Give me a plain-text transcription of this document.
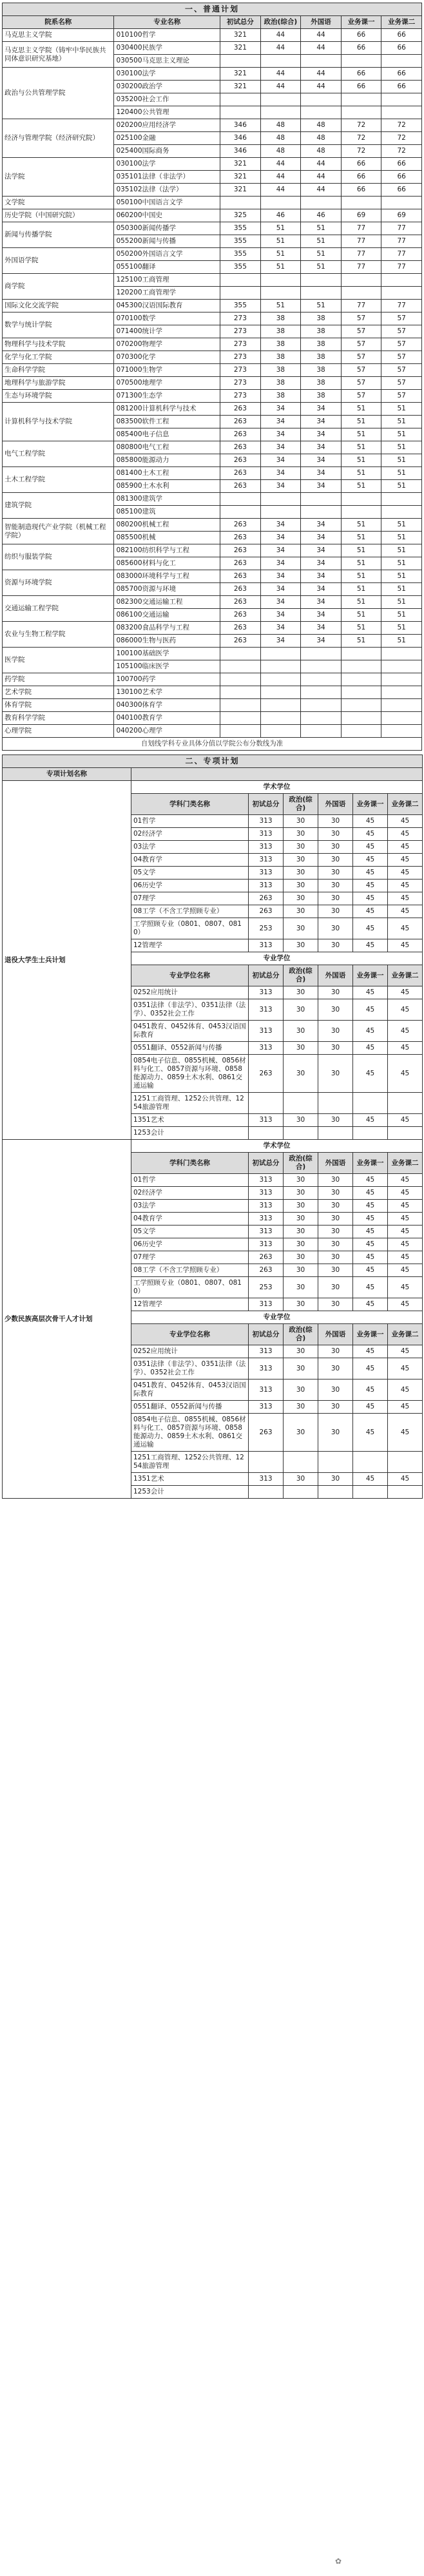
一、普通计划						
院系名称	专业名称	初试总分	政治(综合)	外国语	业务课一	业务课二
马克思主义学院	010100哲学	321	44	44	66	66
马克思主义学院（铸牢中华民族共同体意识研究基地）	030400民族学	321	44	44	66	66
	030500马克思主义理论					
政治与公共管理学院	030100法学	321	44	44	66	66
	030200政治学	321	44	44	66	66
	035200社会工作					
	120400公共管理					
经济与管理学院（经济研究院）	020200应用经济学	346	48	48	72	72
	025100金融	346	48	48	72	72
	025400国际商务	346	48	48	72	72
法学院	030100法学	321	44	44	66	66
	035101法律（非法学）	321	44	44	66	66
	035102法律（法学）	321	44	44	66	66
文学院	050100中国语言文学					
历史学院（中国研究院）	060200中国史	325	46	46	69	69
新闻与传播学院	050300新闻传播学	355	51	51	77	77
	055200新闻与传播	355	51	51	77	77
外国语学院	050200外国语言文学	355	51	51	77	77
	055100翻译	355	51	51	77	77
商学院	125100工商管理					
	120200工商管理学					
国际文化交流学院	045300汉语国际教育	355	51	51	77	77
数学与统计学院	070100数学	273	38	38	57	57
	071400统计学	273	38	38	57	57
物理科学与技术学院	070200物理学	273	38	38	57	57
化学与化工学院	070300化学	273	38	38	57	57
生命科学学院	071000生物学	273	38	38	57	57
地理科学与旅游学院	070500地理学	273	38	38	57	57
生态与环境学院	071300生态学	273	38	38	57	57
计算机科学与技术学院	081200计算机科学与技术	263	34	34	51	51
	083500软件工程	263	34	34	51	51
	085400电子信息	263	34	34	51	51
电气工程学院	080800电气工程	263	34	34	51	51
	085800能源动力	263	34	34	51	51
土木工程学院	081400土木工程	263	34	34	51	51
	085900土木水利	263	34	34	51	51
建筑学院	081300建筑学					
	085100建筑					
智能制造现代产业学院（机械工程学院）	080200机械工程	263	34	34	51	51
	085500机械	263	34	34	51	51
纺织与服装学院	082100纺织科学与工程	263	34	34	51	51
	085600材料与化工	263	34	34	51	51
资源与环境学院	083000环境科学与工程	263	34	34	51	51
	085700资源与环境	263	34	34	51	51
交通运输工程学院	082300交通运输工程	263	34	34	51	51
	086100交通运输	263	34	34	51	51
农业与生物工程学院	083200食品科学与工程	263	34	34	51	51
	086000生物与医药	263	34	34	51	51
医学院	100100基础医学					
	105100临床医学					
药学院	100700药学					
艺术学院	130100艺术学					
体育学院	040300体育学					
教育科学学院	040100教育学					
心理学院	040200心理学					
自划线学科专业具体分值以学院公布分数线为准						
二、专项计划						
专项计划名称						
退役大学生士兵计划	学术学位					
	学科门类名称	初试总分	政治(综合)	外国语	业务课一	业务课二
	01哲学	313	30	30	45	45
	02经济学	313	30	30	45	45
	03法学	313	30	30	45	45
	04教育学	313	30	30	45	45
	05文学	313	30	30	45	45
	06历史学	313	30	30	45	45
	07理学	263	30	30	45	45
	08工学（不含工学照顾专业）	263	30	30	45	45
	工学照顾专业（0801、0807、0810）	253	30	30	45	45
	12管理学	313	30	30	45	45
	专业学位					
	专业学位名称	初试总分	政治(综合)	外国语	业务课一	业务课二
	0252应用统计	313	30	30	45	45
	0351法律（非法学）、0351法律（法学）、0352社会工作	313	30	30	45	45
	0451教育、0452体育、0453汉语国际教育	313	30	30	45	45
	0551翻译、0552新闻与传播	313	30	30	45	45
	0854电子信息、0855机械、0856材料与化工、0857资源与环境、0858能源动力、0859土木水利、0861交通运输	263	30	30	45	45
	1251工商管理、1252公共管理、1254旅游管理					
	1351艺术	313	30	30	45	45
	1253会计					
少数民族高层次骨干人才计划	学术学位					
	学科门类名称	初试总分	政治(综合)	外国语	业务课一	业务课二
	01哲学	313	30	30	45	45
	02经济学	313	30	30	45	45
	03法学	313	30	30	45	45
	04教育学	313	30	30	45	45
	05文学	313	30	30	45	45
	06历史学	313	30	30	45	45
	07理学	263	30	30	45	45
	08工学（不含工学照顾专业）	263	30	30	45	45
	工学照顾专业（0801、0807、0810）	253	30	30	45	45
	12管理学	313	30	30	45	45
	专业学位					
	专业学位名称	初试总分	政治(综合)	外国语	业务课一	业务课二
	0252应用统计	313	30	30	45	45
	0351法律（非法学）、0351法律（法学）、0352社会工作	313	30	30	45	45
	0451教育、0452体育、0453汉语国际教育	313	30	30	45	45
	0551翻译、0552新闻与传播	313	30	30	45	45
	0854电子信息、0855机械、0856材料与化工、0857资源与环境、0858能源动力、0859土木水利、0861交通运输	263	30	30	45	45
	1251工商管理、1252公共管理、1254旅游管理					
	1351艺术	313	30	30	45	45
	1253会计					
✿
